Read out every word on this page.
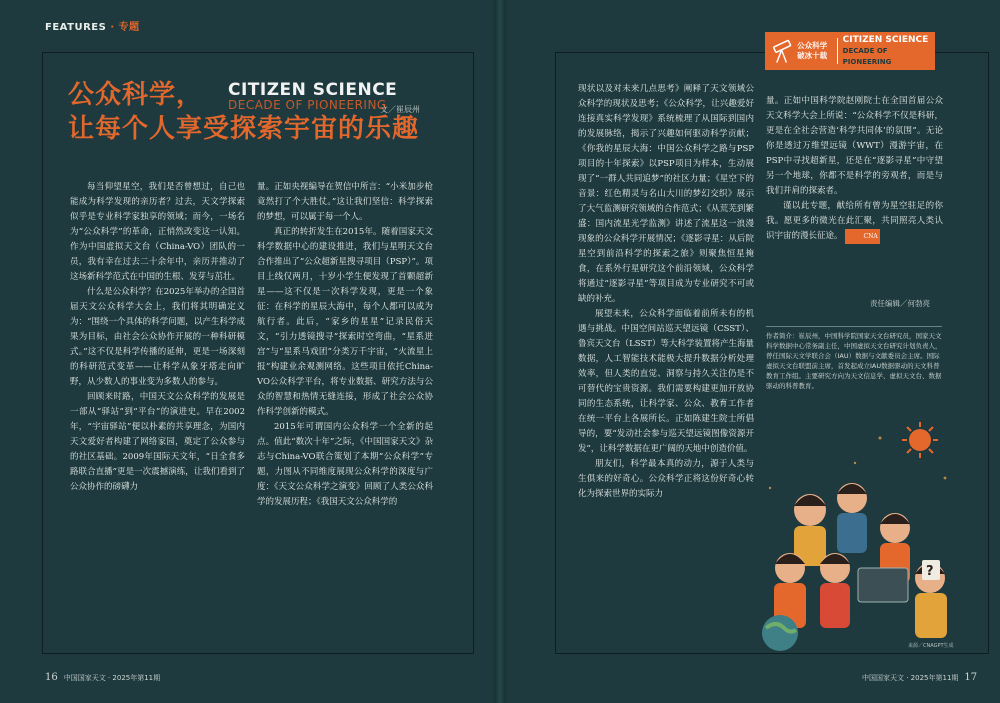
FEATURES · 专题
公众科学，
让每个人享受探索宇宙的乐趣
CITIZEN SCIENCE
DECADE OF PIONEERING
文／崔辰州

每当仰望星空，我们是否曾想过，自己也能成为科学发现的亲历者？过去，天文学探索似乎是专业科学家独享的领域；而今，一场名为“公众科学”的革命，正悄然改变这一认知。作为中国虚拟天文台（China-VO）团队的一员，我有幸在过去二十余年中，亲历并推动了这场新科学范式在中国的生根、发芽与茁壮。

什么是公众科学？在2025年举办的全国首届天文公众科学大会上，我们将其明确定义为：“围绕一个具体的科学问题，以产生科学成果为目标，由社会公众协作开展的一种科研模式。”这不仅是科学传播的延伸，更是一场深刻的科研范式变革——让科学从象牙塔走向旷野，从少数人的事业变为多数人的参与。

回顾来时路，中国天文公众科学的发展是一部从“驿站”到“平台”的演进史。早在2002年，“宇宙驿站”便以朴素的共享理念，为国内天文爱好者构建了网络家园，奠定了公众参与的社区基础。2009年国际天文年，“日全食多路联合直播”更是一次震撼演练，让我们看到了公众协作的磅礴力

量。正如央视编导在贺信中所言：“小米加步枪竟然打了个大胜仗。”这让我们坚信：科学探索的梦想，可以属于每一个人。

真正的转折发生在2015年。随着国家天文科学数据中心的建设推进，我们与星明天文台合作推出了“公众超新星搜寻项目（PSP）”。项目上线仅两月，十岁小学生便发现了首颗超新星——这不仅是一次科学发现，更是一个象征：在科学的星辰大海中，每个人都可以成为航行者。此后，“家乡的星星”记录民俗天文，“引力透镜搜寻”探索时空弯曲，“星系进宫”与“星系马戏团”分类万千宇宙，“火流星上报”构建业余观测网络。这些项目依托China-VO公众科学平台，将专业数据、研究方法与公众的智慧和热情无缝连接，形成了社会公众协作科学创新的模式。

2015年可谓国内公众科学一个全新的起点。值此“数次十年”之际，《中国国家天文》杂志与China-VO联合策划了本期“公众科学”专题，力图从不同维度展现公众科学的深度与广度：《天文公众科学之演变》回顾了人类公众科学的发展历程；《我国天文公众科学的

16 中国国家天文 · 2025年第11期
公众科学破冰十载
CITIZEN SCIENCE
DECADE OF PIONEERING

现状以及对未来几点思考》阐释了天文领域公众科学的现状及思考；《公众科学，让兴趣爱好连接真实科学发现》系统梳理了从国际到国内的发展脉络，揭示了兴趣如何驱动科学贡献；《你我的星辰大海：中国公众科学之路与PSP项目的十年探索》以PSP项目为样本，生动展现了“一群人共同追梦”的社区力量；《星空下的音景：红色精灵与名山大川的梦幻交织》展示了大气监测研究领域的合作范式；《从荒芜到繁盛：国内流星光学监测》讲述了流星这一浪漫现象的公众科学开展情况；《逐影寻星：从后院星空到前沿科学的探索之旅》则聚焦恒星掩食，在系外行星研究这个前沿领域，公众科学将通过“逐影寻星”等项目成为专业研究不可或缺的补充。

展望未来，公众科学面临着前所未有的机遇与挑战。中国空间站巡天望远镜（CSST）、鲁宾天文台（LSST）等大科学装置将产生海量数据，人工智能技术能极大提升数据分析处理效率，但人类的直觉、洞察与持久关注仍是不可替代的宝贵资源。我们需要构建更加开放协同的生态系统，让科学家、公众、教育工作者在统一平台上各展所长。正如陈建生院士所倡导的，要“发动社会参与巡天望远镜图像资源开发”，让科学数据在更广阔的天地中创造价值。

朋友们，科学最本真的动力，源于人类与生俱来的好奇心。公众科学正将这份好奇心转化为探索世界的实际力

量。正如中国科学院赵刚院士在全国首届公众天文科学大会上所说：“公众科学不仅是科研，更是在全社会营造‘科学共同体’的氛围”。无论你是透过万维望远镜（WWT）漫游宇宙，在PSP中寻找超新星，还是在“逐影寻星”中守望另一个地球，你都不是科学的旁观者，而是与我们并肩的探索者。

谨以此专题，献给所有曾为星空驻足的你我。愿更多的微光在此汇聚，共同照亮人类认识宇宙的漫长征途。	CNA

责任编辑／何勃亮
作者简介：崔辰州，中国科学院国家天文台研究员，国家天文科学数据中心常务副主任，中国虚拟天文台研究计划负责人，曾任国际天文学联合会（IAU）数据与文献委员会主席。国际虚拟天文台联盟前主席，首发起成立IAU数据驱动的天文科普教育工作组。主要研究方向为天文信息学、虚拟天文台、数据驱动的科普教育。
?
来源／CNAGPT生成
中国国家天文 · 2025年第11期 17
